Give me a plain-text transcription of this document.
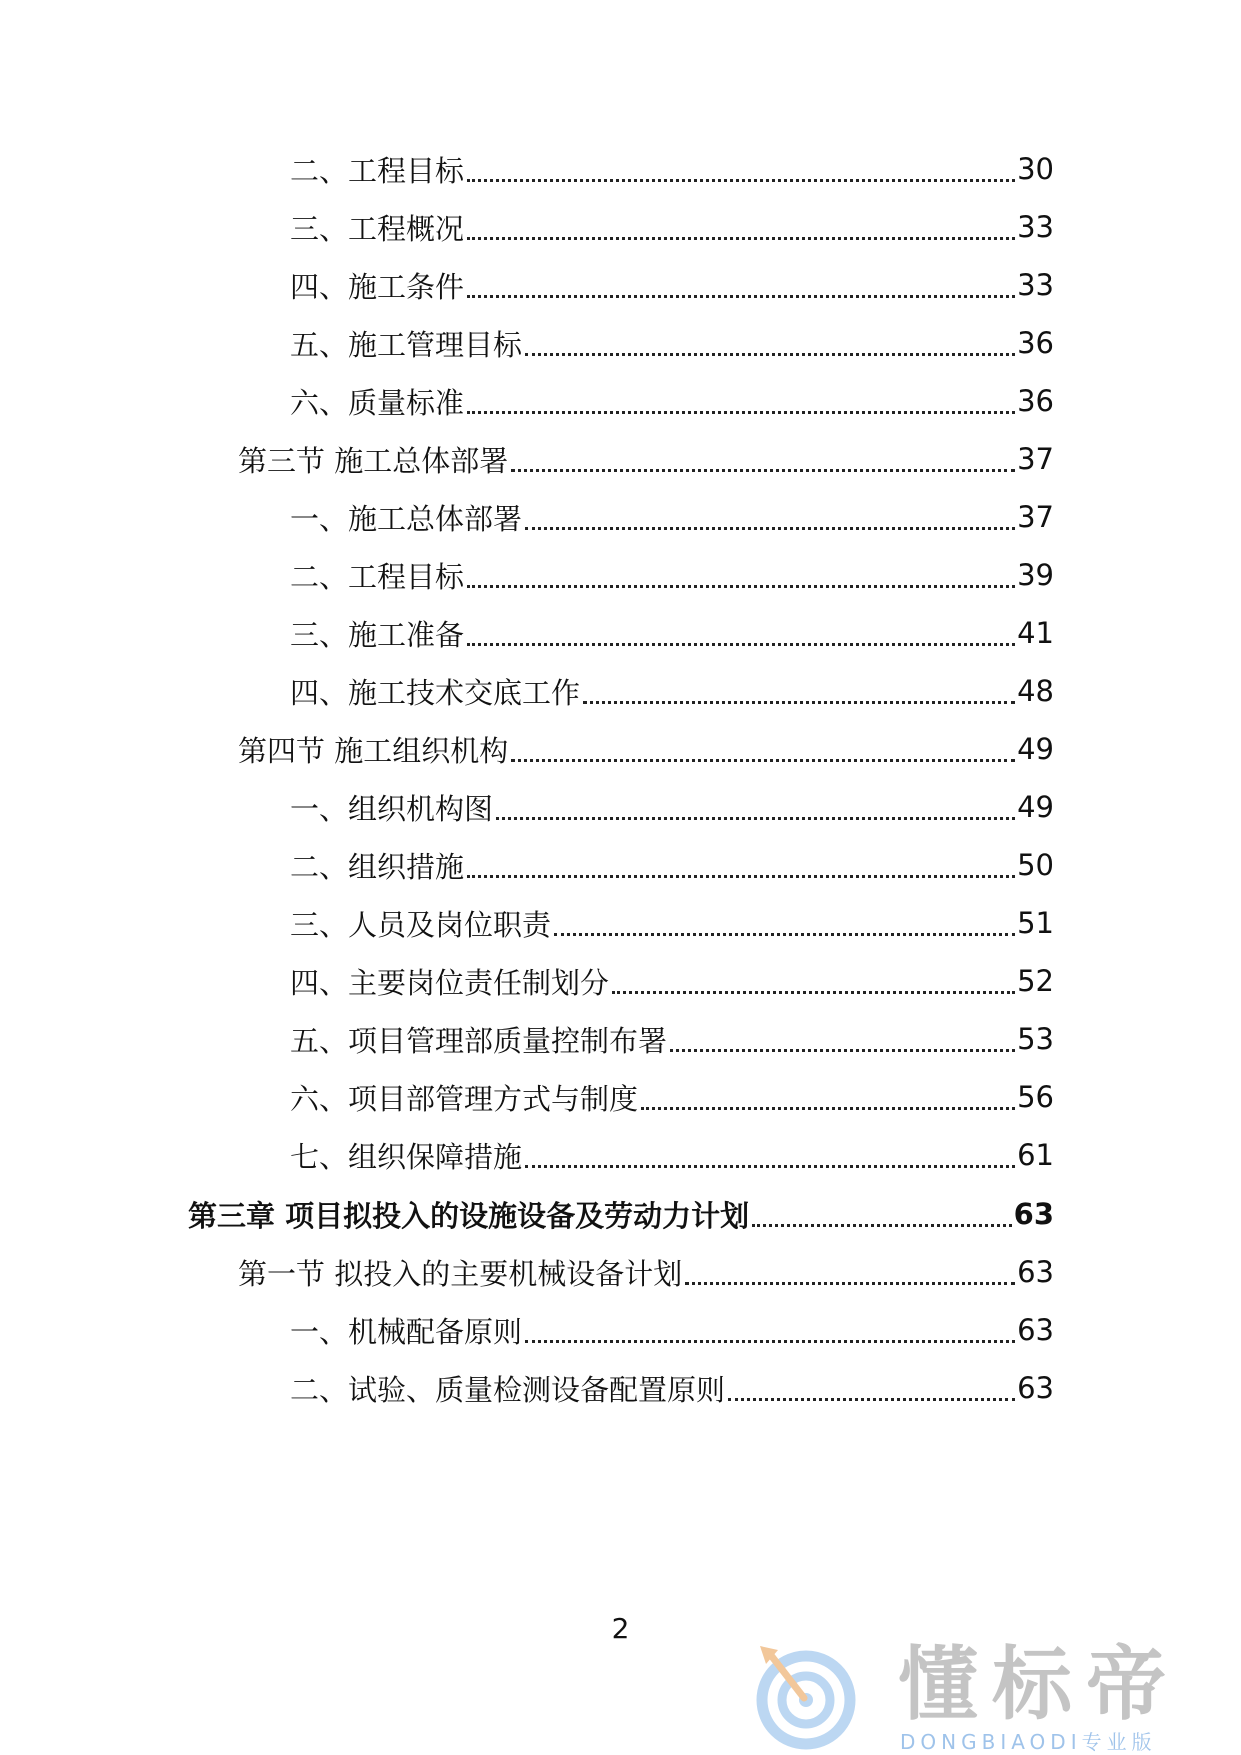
二、工程目标	30
三、工程概况	33
四、施工条件	33
五、施工管理目标	36
六、质量标准	36
第三节 施工总体部署	37
一、施工总体部署	37
二、工程目标	39
三、施工准备	41
四、施工技术交底工作	48
第四节 施工组织机构	49
一、组织机构图	49
二、组织措施	50
三、人员及岗位职责	51
四、主要岗位责任制划分	52
五、项目管理部质量控制布署	53
六、项目部管理方式与制度	56
七、组织保障措施	61
第三章 项目拟投入的设施设备及劳动力计划	63
第一节 拟投入的主要机械设备计划	63
一、机械配备原则	63
二、试验、质量检测设备配置原则	63
2
懂标帝
DONGBIAODI专业版
